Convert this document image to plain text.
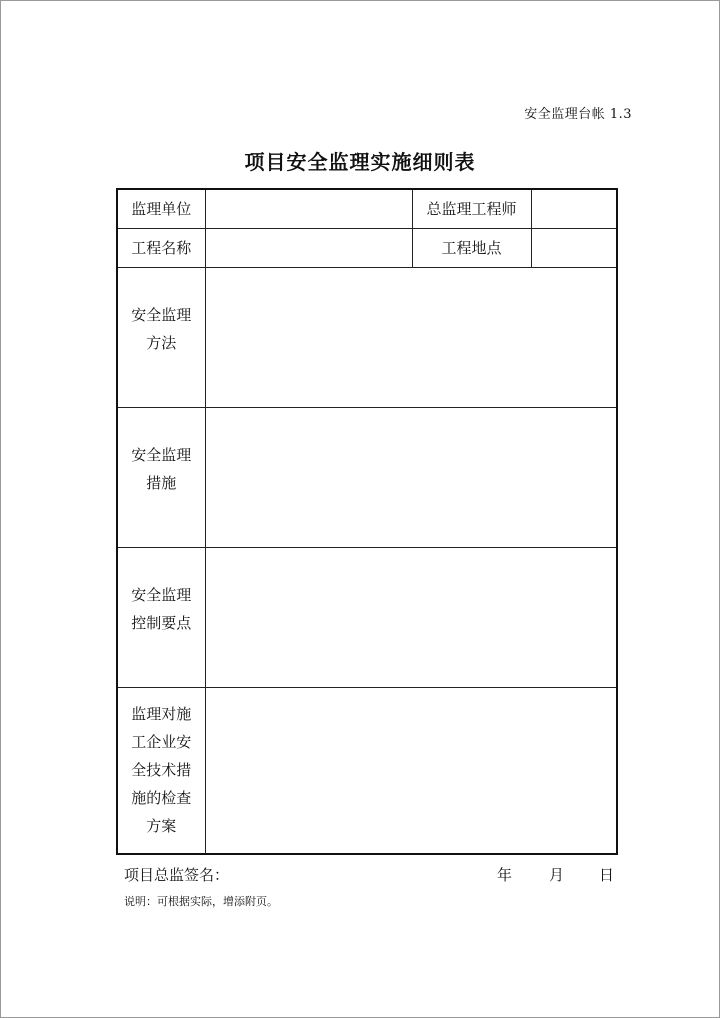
安全监理台帐 1.3
项目安全监理实施细则表
监理单位		总监理工程师	
工程名称		工程地点	

安全监理
方法			

安全监理
措施			

安全监理
控制要点			

监理对施
工企业安
全技术措
施的检查
方案			

项目总监签名：	年 月 日
说明：可根据实际，增添附页。
